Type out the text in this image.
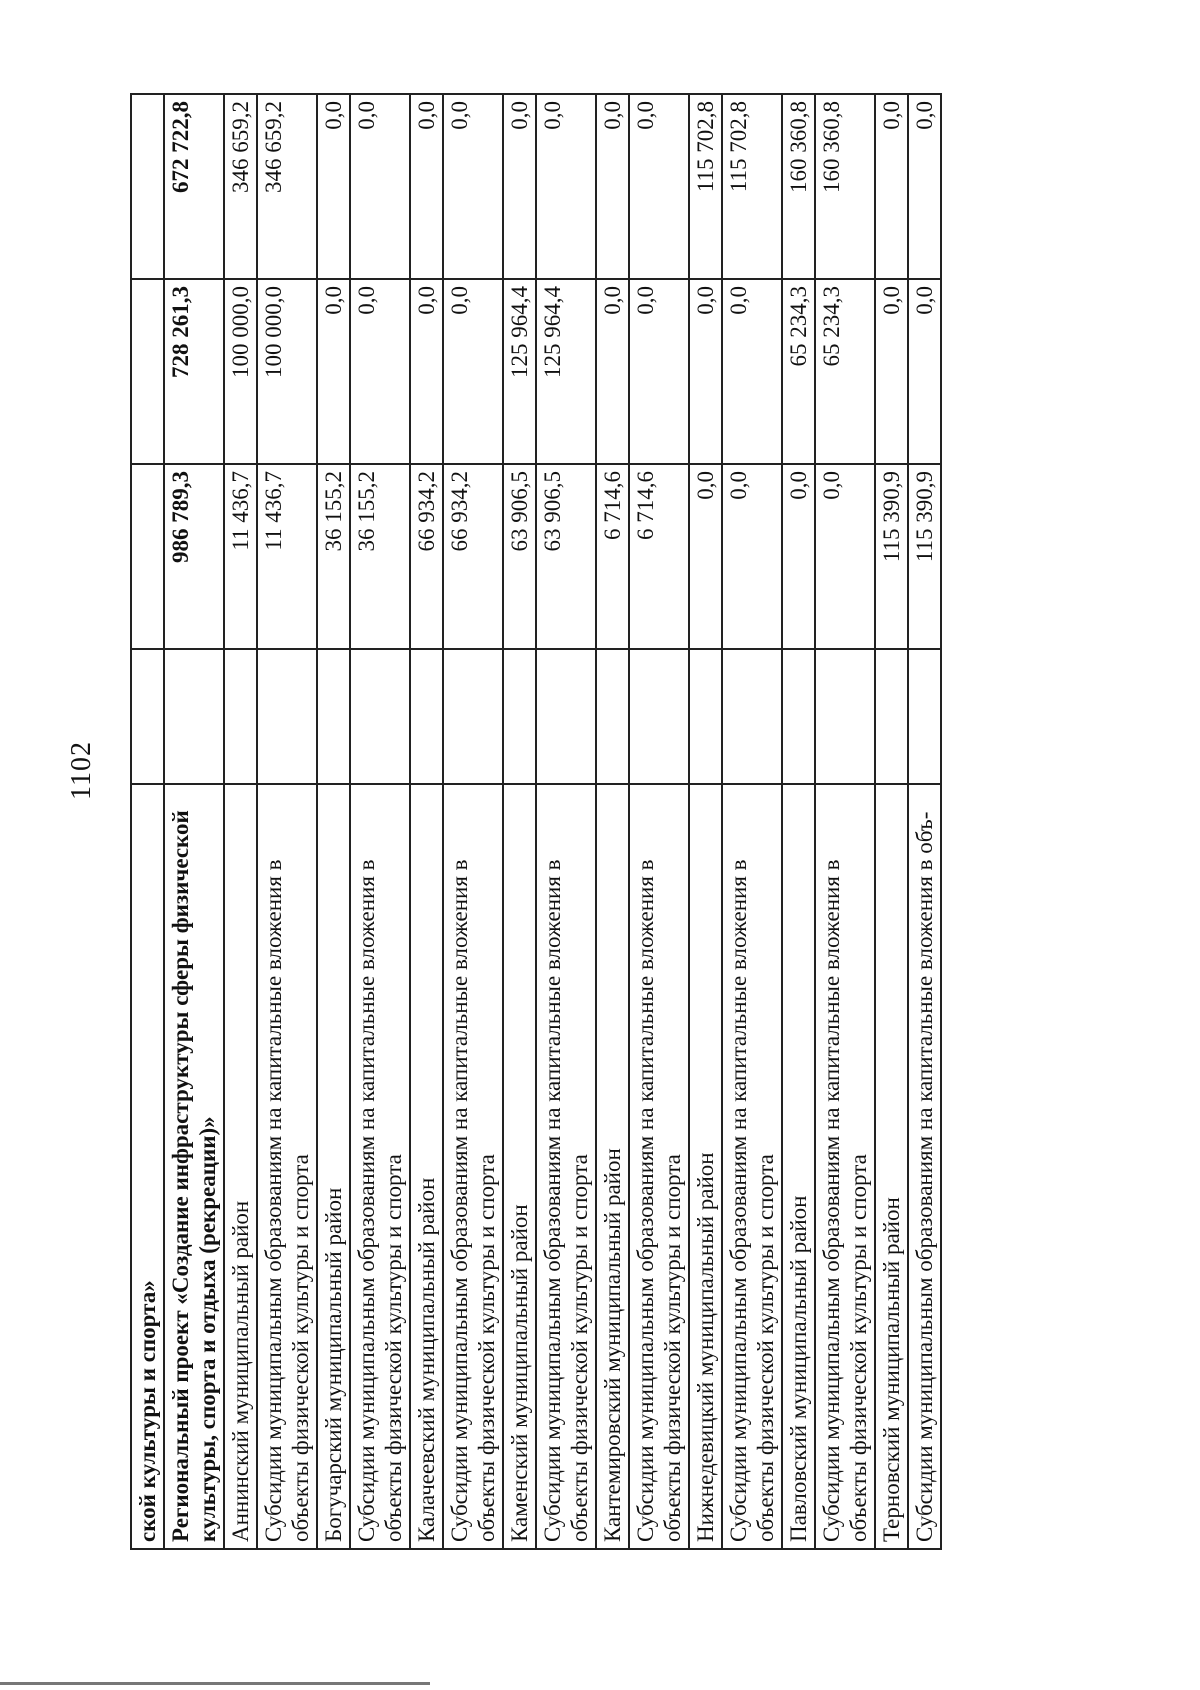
1102
ской культуры и спорта»				
Региональный проект «Создание инфраструктуры сферы физической культуры, спорта и отдыха (рекреации)»		986 789,3	728 261,3	672 722,8
Аннинский муниципальный район		11 436,7	100 000,0	346 659,2
Субсидии муниципальным образованиям на капитальные вложения в объекты физической культуры и спорта		11 436,7	100 000,0	346 659,2
Богучарский муниципальный район		36 155,2	0,0	0,0
Субсидии муниципальным образованиям на капитальные вложения в объекты физической культуры и спорта		36 155,2	0,0	0,0
Калачеевский муниципальный район		66 934,2	0,0	0,0
Субсидии муниципальным образованиям на капитальные вложения в объекты физической культуры и спорта		66 934,2	0,0	0,0
Каменский муниципальный район		63 906,5	125 964,4	0,0
Субсидии муниципальным образованиям на капитальные вложения в объекты физической культуры и спорта		63 906,5	125 964,4	0,0
Кантемировский муниципальный район		6 714,6	0,0	0,0
Субсидии муниципальным образованиям на капитальные вложения в объекты физической культуры и спорта		6 714,6	0,0	0,0
Нижнедевицкий муниципальный район		0,0	0,0	115 702,8
Субсидии муниципальным образованиям на капитальные вложения в объекты физической культуры и спорта		0,0	0,0	115 702,8
Павловский муниципальный район		0,0	65 234,3	160 360,8
Субсидии муниципальным образованиям на капитальные вложения в объекты физической культуры и спорта		0,0	65 234,3	160 360,8
Терновский муниципальный район		115 390,9	0,0	0,0
Субсидии муниципальным образованиям на капитальные вложения в объ-		115 390,9	0,0	0,0
